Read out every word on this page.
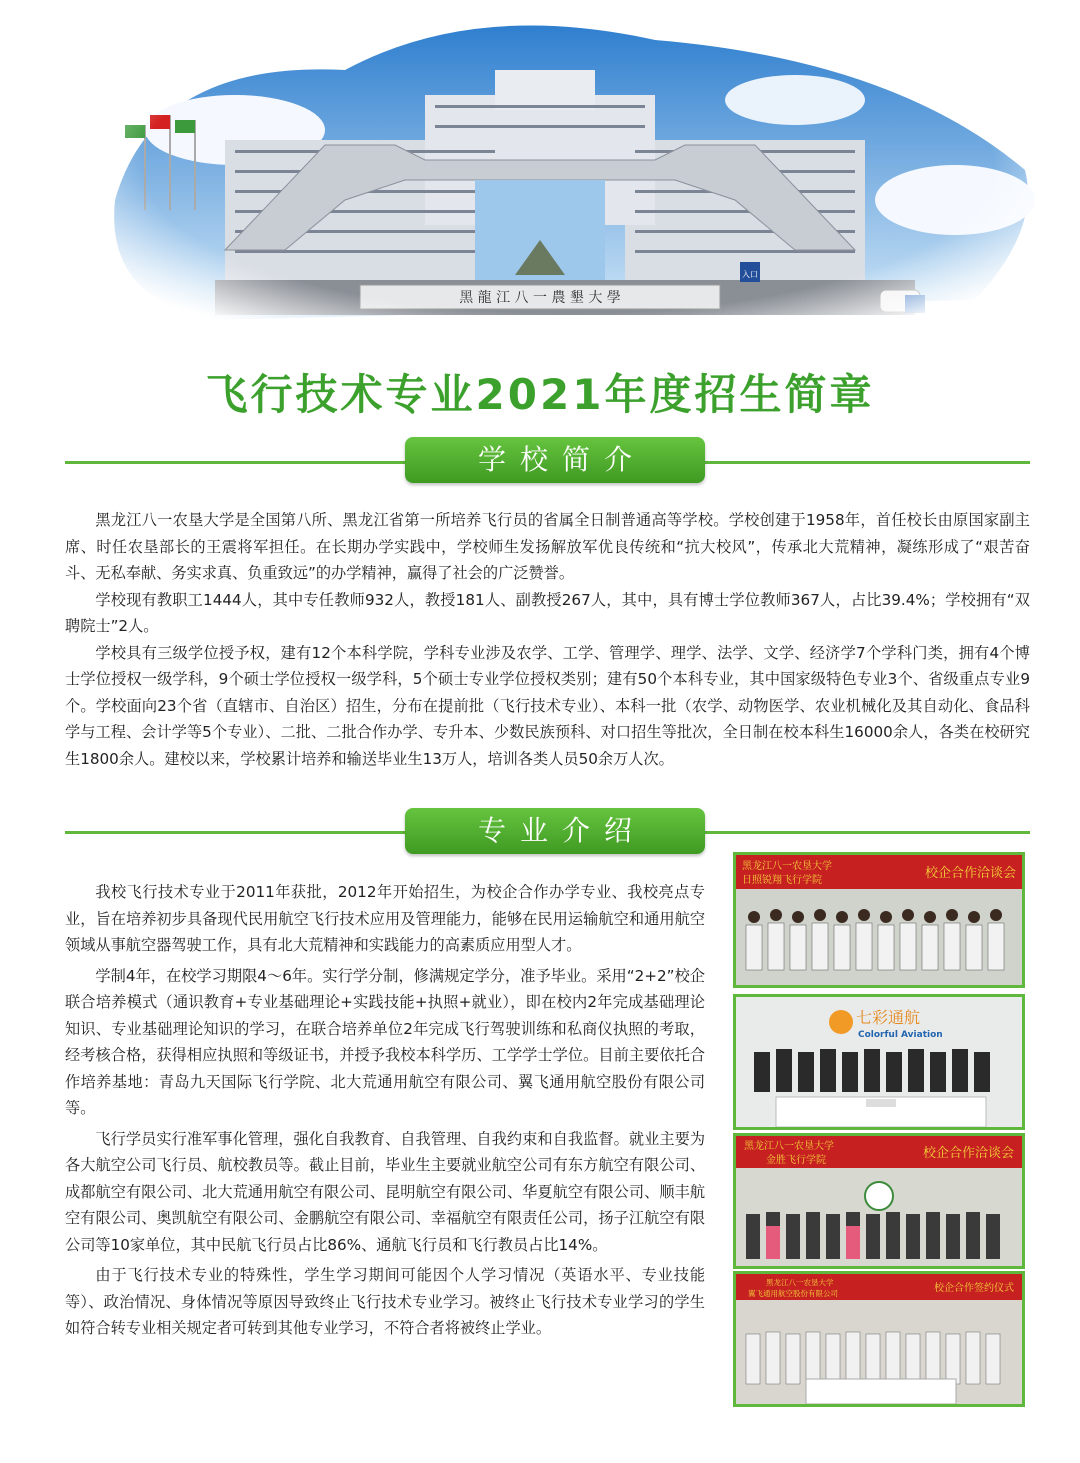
飞行技术专业2021年度招生简章
学校简介

黑龙江八一农垦大学是全国第八所、黑龙江省第一所培养飞行员的省属全日制普通高等学校。学校创建于1958年，首任校长由原国家副主席、时任农垦部长的王震将军担任。在长期办学实践中，学校师生发扬解放军优良传统和“抗大校风”，传承北大荒精神，凝练形成了“艰苦奋斗、无私奉献、务实求真、负重致远”的办学精神，赢得了社会的广泛赞誉。

学校现有教职工1444人，其中专任教师932人，教授181人、副教授267人，其中，具有博士学位教师367人，占比39.4%；学校拥有“双聘院士”2人。

学校具有三级学位授予权，建有12个本科学院，学科专业涉及农学、工学、管理学、理学、法学、文学、经济学7个学科门类，拥有4个博士学位授权一级学科，9个硕士学位授权一级学科，5个硕士专业学位授权类别；建有50个本科专业，其中国家级特色专业3个、省级重点专业9个。学校面向23个省（直辖市、自治区）招生，分布在提前批（飞行技术专业）、本科一批（农学、动物医学、农业机械化及其自动化、食品科学与工程、会计学等5个专业）、二批、二批合作办学、专升本、少数民族预科、对口招生等批次，全日制在校本科生16000余人，各类在校研究生1800余人。建校以来，学校累计培养和输送毕业生13万人，培训各类人员50余万人次。

专业介绍

我校飞行技术专业于2011年获批，2012年开始招生，为校企合作办学专业、我校亮点专业，旨在培养初步具备现代民用航空飞行技术应用及管理能力，能够在民用运输航空和通用航空领域从事航空器驾驶工作，具有北大荒精神和实践能力的高素质应用型人才。

学制4年，在校学习期限4～6年。实行学分制，修满规定学分，准予毕业。采用“2+2”校企联合培养模式（通识教育+专业基础理论+实践技能+执照+就业），即在校内2年完成基础理论知识、专业基础理论知识的学习，在联合培养单位2年完成飞行驾驶训练和私商仪执照的考取，经考核合格，获得相应执照和等级证书，并授予我校本科学历、工学学士学位。目前主要依托合作培养基地：青岛九天国际飞行学院、北大荒通用航空有限公司、翼飞通用航空股份有限公司等。

飞行学员实行准军事化管理，强化自我教育、自我管理、自我约束和自我监督。就业主要为各大航空公司飞行员、航校教员等。截止目前，毕业生主要就业航空公司有东方航空有限公司、成都航空有限公司、北大荒通用航空有限公司、昆明航空有限公司、华夏航空有限公司、顺丰航空有限公司、奥凯航空有限公司、金鹏航空有限公司、幸福航空有限责任公司，扬子江航空有限公司等10家单位，其中民航飞行员占比86%、通航飞行员和飞行教员占比14%。

由于飞行技术专业的特殊性，学生学习期间可能因个人学习情况（英语水平、专业技能等）、政治情况、身体情况等原因导致终止飞行技术专业学习。被终止飞行技术专业学习的学生如符合转专业相关规定者可转到其他专业学习，不符合者将被终止学业。

黑龙江八一农垦大学
日照锐翔飞行学院	校企合作洽谈会
七彩通航
Colorful Aviation
黑龙江八一农垦大学
金胜飞行学院	校企合作洽谈会
黑龙江八一农垦大学
翼飞通用航空股份有限公司	校企合作签约仪式
